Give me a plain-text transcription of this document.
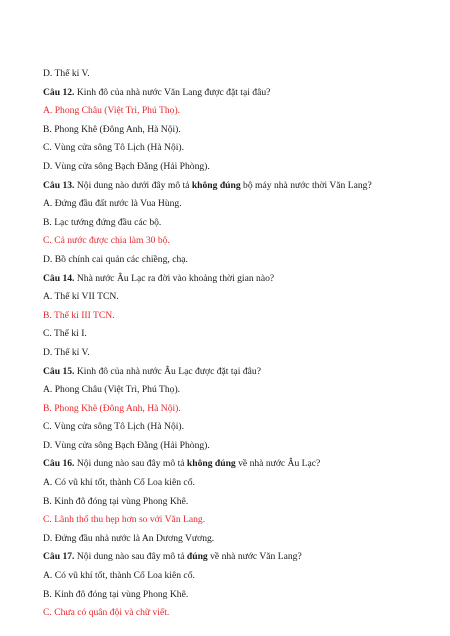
D. Thế kỉ V.
Câu 12. Kinh đô của nhà nước Văn Lang được đặt tại đâu?
A. Phong Châu (Việt Trì, Phú Thọ).
B. Phong Khê (Đông Anh, Hà Nội).
C. Vùng cửa sông Tô Lịch (Hà Nội).
D. Vùng cửa sông Bạch Đằng (Hải Phòng).
Câu 13. Nội dung nào dưới đây mô tả không đúng bộ máy nhà nước thời Văn Lang?
A. Đứng đầu đất nước là Vua Hùng.
B. Lạc tướng đứng đầu các bộ.
C. Cả nước được chia làm 30 bộ.
D. Bồ chính cai quản các chiềng, chạ.
Câu 14. Nhà nước Âu Lạc ra đời vào khoảng thời gian nào?
A. Thế kỉ VII TCN.
B. Thế kỉ III TCN.
C. Thế kỉ I.
D. Thế kỉ V.
Câu 15. Kinh đô của nhà nước Âu Lạc được đặt tại đâu?
A. Phong Châu (Việt Trì, Phú Thọ).
B. Phong Khê (Đông Anh, Hà Nội).
C. Vùng cửa sông Tô Lịch (Hà Nội).
D. Vùng cửa sông Bạch Đằng (Hải Phòng).
Câu 16. Nội dung nào sau đây mô tả không đúng về nhà nước Âu Lạc?
A. Có vũ khí tốt, thành Cổ Loa kiên cố.
B. Kinh đô đóng tại vùng Phong Khê.
C. Lãnh thổ thu hẹp hơn so với Văn Lang.
D. Đứng đầu nhà nước là An Dương Vương.
Câu 17. Nội dung nào sau đây mô tả đúng về nhà nước Văn Lang?
A. Có vũ khí tốt, thành Cổ Loa kiên cố.
B. Kinh đô đóng tại vùng Phong Khê.
C. Chưa có quân đội và chữ viết.
